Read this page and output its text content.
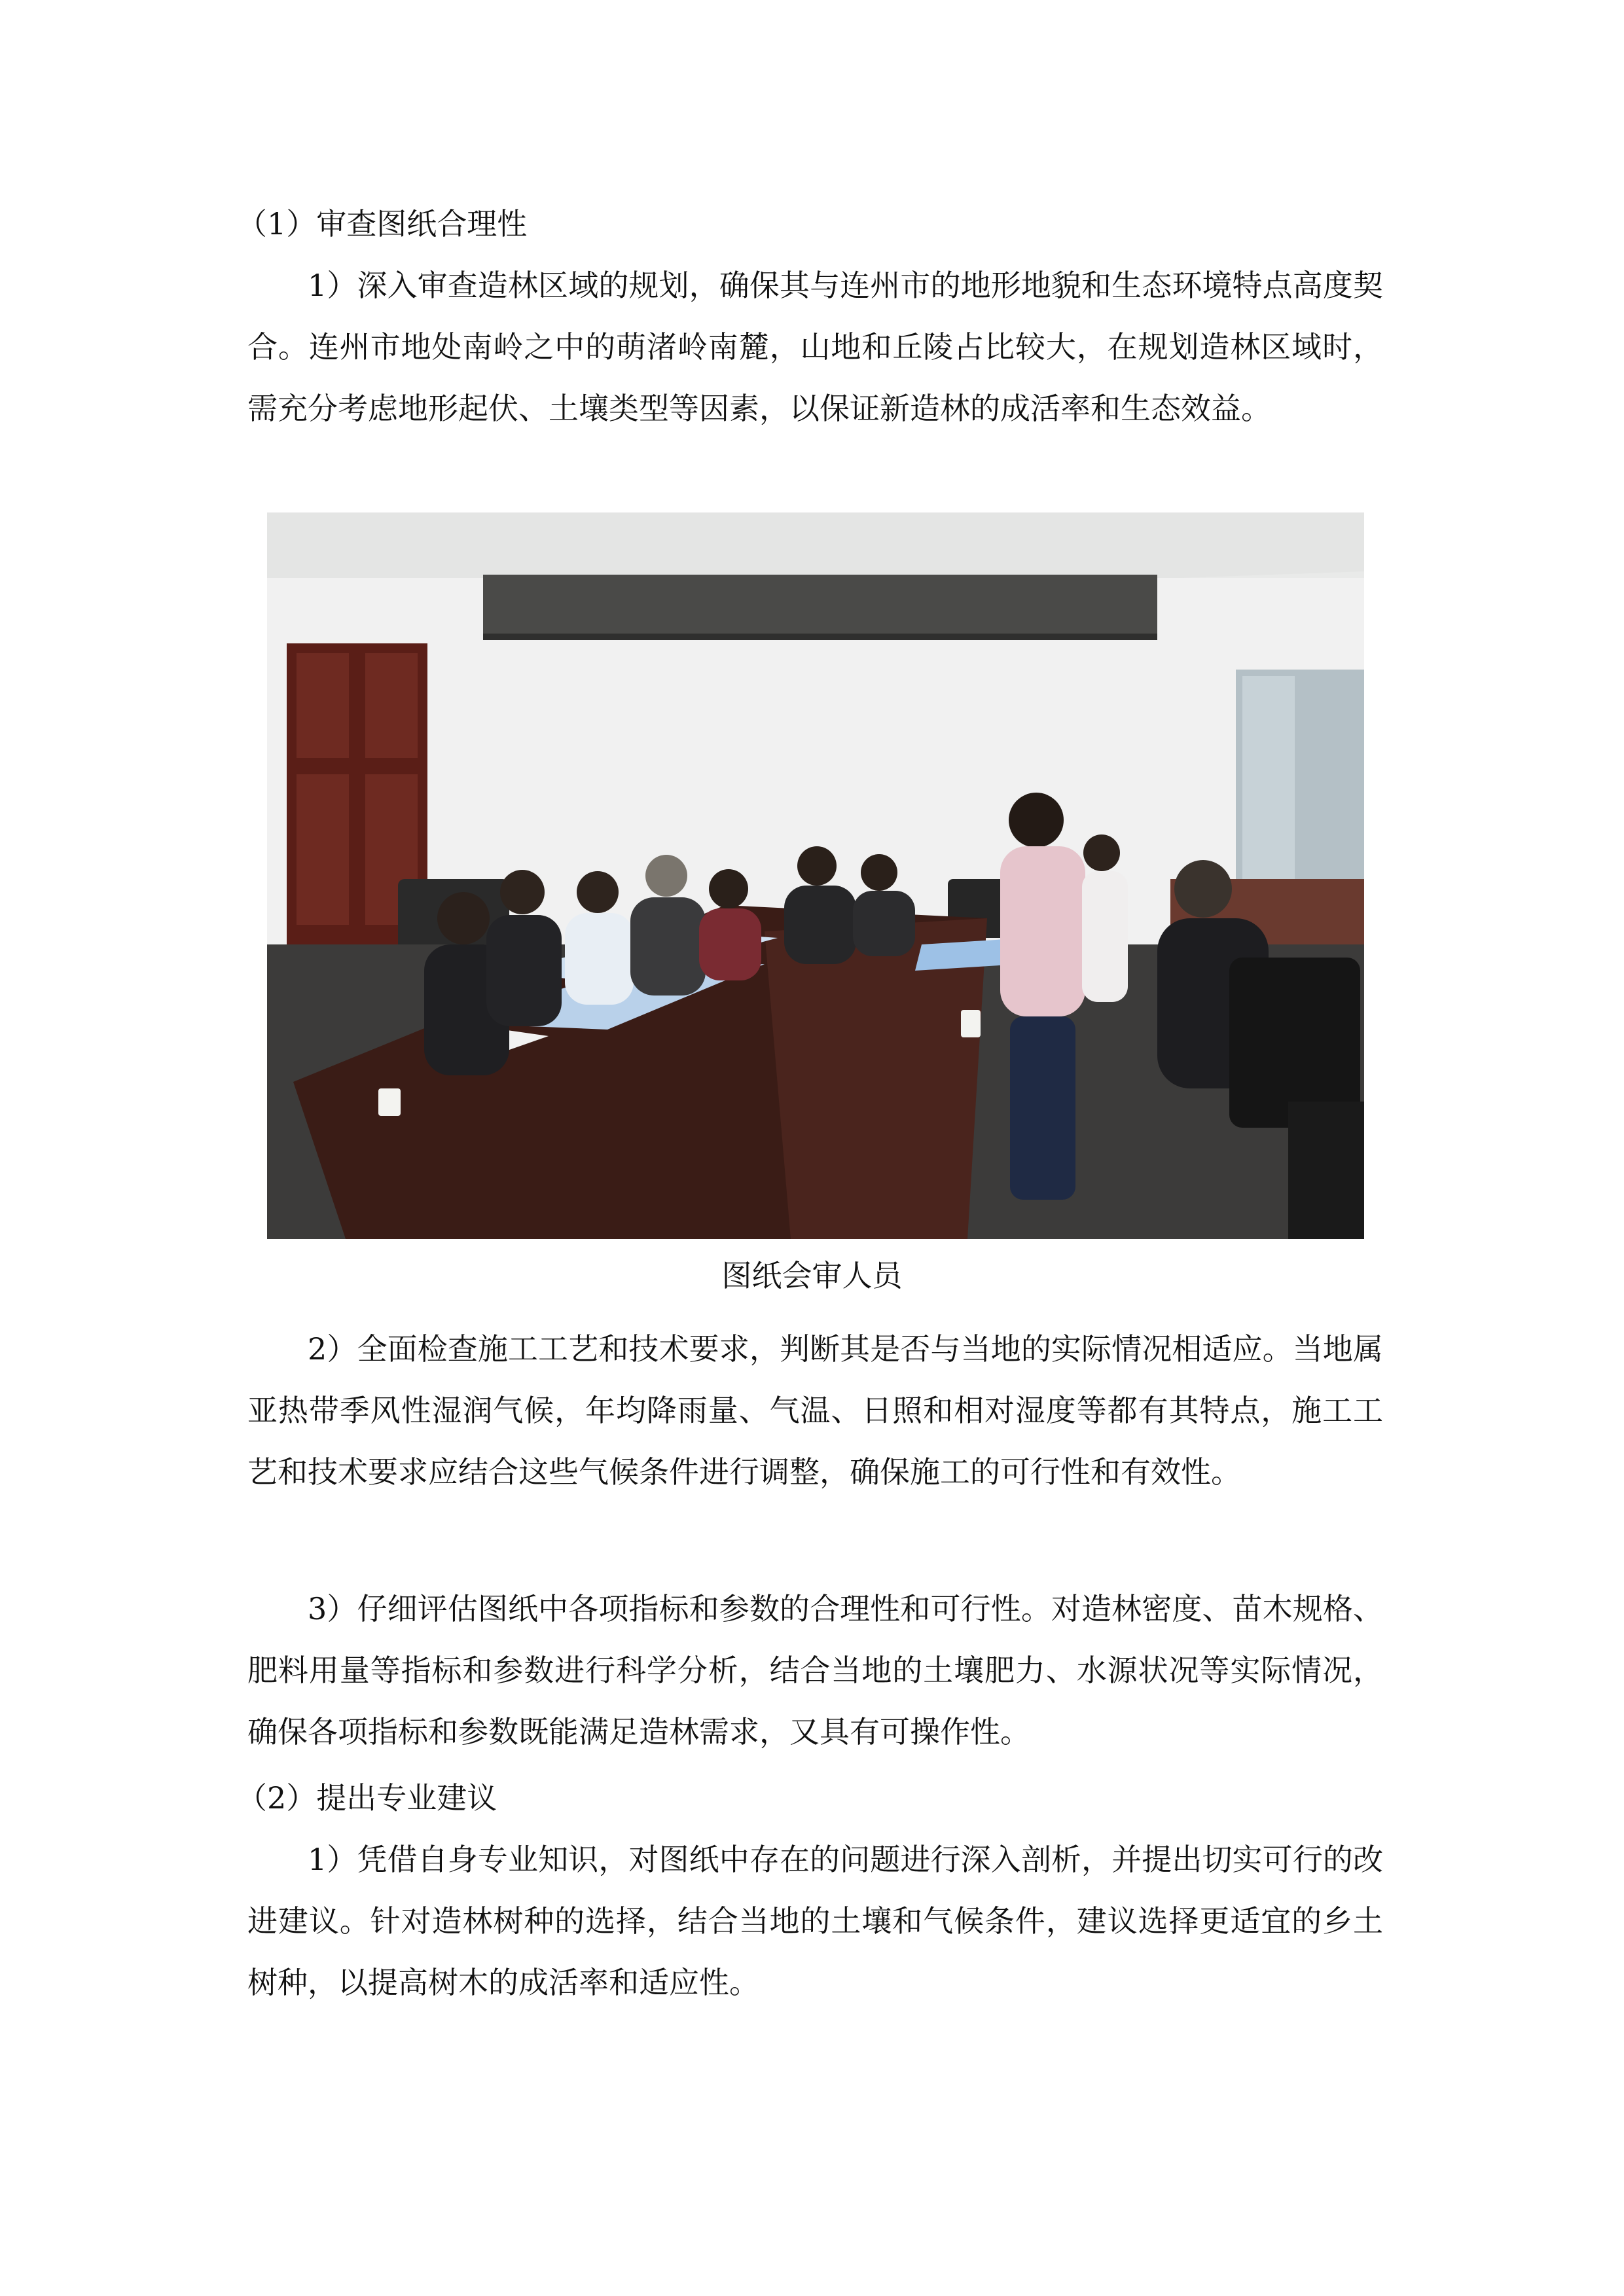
（1）审查图纸合理性

1）深入审查造林区域的规划，确保其与连州市的地形地貌和生态环境特点高度契合。连州市地处南岭之中的萌渚岭南麓，山地和丘陵占比较大，在规划造林区域时，需充分考虑地形起伏、土壤类型等因素，以保证新造林的成活率和生态效益。

图纸会审人员

2）全面检查施工工艺和技术要求，判断其是否与当地的实际情况相适应。当地属亚热带季风性湿润气候，年均降雨量、气温、日照和相对湿度等都有其特点，施工工艺和技术要求应结合这些气候条件进行调整，确保施工的可行性和有效性。

3）仔细评估图纸中各项指标和参数的合理性和可行性。对造林密度、苗木规格、肥料用量等指标和参数进行科学分析，结合当地的土壤肥力、水源状况等实际情况，确保各项指标和参数既能满足造林需求，又具有可操作性。

（2）提出专业建议

1）凭借自身专业知识，对图纸中存在的问题进行深入剖析，并提出切实可行的改进建议。针对造林树种的选择，结合当地的土壤和气候条件，建议选择更适宜的乡土树种，以提高树木的成活率和适应性。
